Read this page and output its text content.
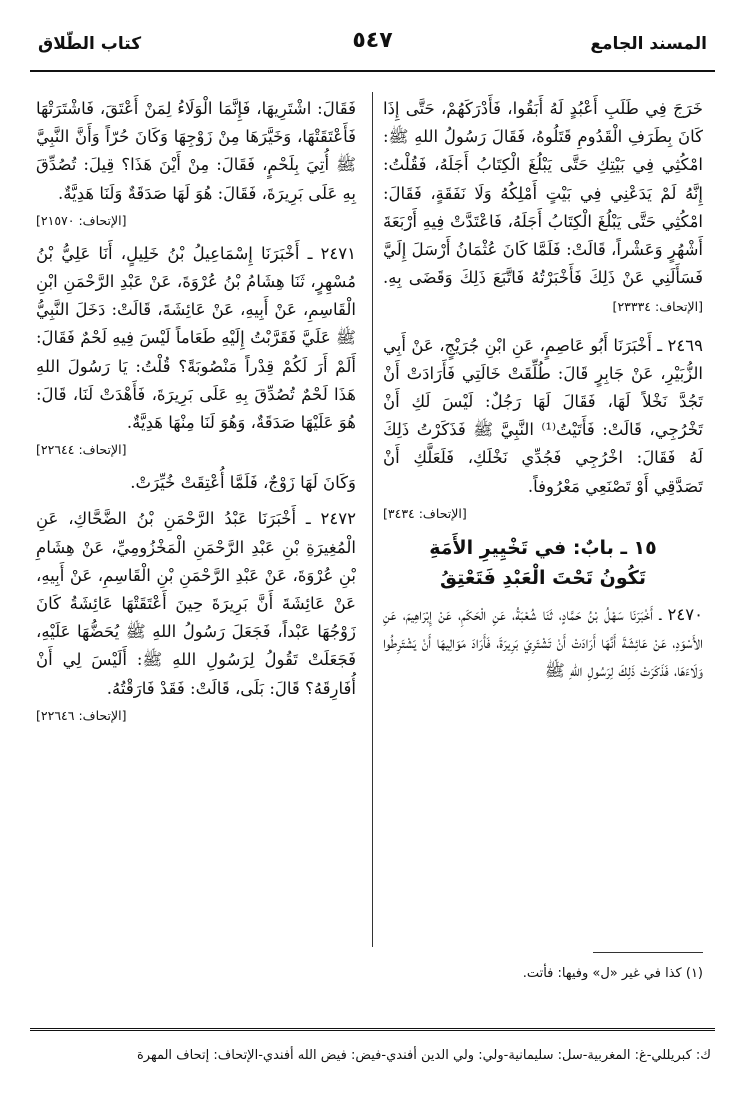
المسند الجامع
٥٤٧
كتاب الطّلاق

خَرَجَ فِي طَلَبِ أَعْبُدٍ لَهُ أَبَقُوا، فَأَدْرَكَهُمْ، حَتَّى إِذَا كَانَ بِطَرَفِ الْقَدُومِ قَتَلُوهُ، فَقَالَ رَسُولُ اللهِ ﷺ: امْكُثِي فِي بَيْتِكِ حَتَّى يَبْلُغَ الْكِتَابُ أَجَلَهُ، فَقُلْتُ: إِنَّهُ لَمْ يَدَعْنِي فِي بَيْتٍ أَمْلِكُهُ وَلَا نَفَقَةٍ، فَقَالَ: امْكُثِي حَتَّى يَبْلُغَ الْكِتَابُ أَجَلَهُ، فَاعْتَدَّتْ فِيهِ أَرْبَعَةَ أَشْهُرٍ وَعَشْراً، قَالَتْ: فَلَمَّا كَانَ عُثْمَانُ أَرْسَلَ إِلَيَّ فَسَأَلَنِي عَنْ ذَلِكَ فَأَخْبَرْتُهُ فَاتَّبَعَ ذَلِكَ وَقَضَى بِهِ. [الإتحاف: ٢٣٣٣٤]

٢٤٦٩ ـ أَخْبَرَنَا أَبُو عَاصِمٍ، عَنِ ابْنِ جُرَيْجٍ، عَنْ أَبِي الزُّبَيْرِ، عَنْ جَابِرٍ قَالَ: طُلِّقَتْ خَالَتِي فَأَرَادَتْ أَنْ تَجُدَّ نَخْلاً لَهَا، فَقَالَ لَهَا رَجُلٌ: لَيْسَ لَكِ أَنْ تَخْرُجِي، قَالَتْ: فَأَتَيْتُ⁽¹⁾ النَّبِيَّ ﷺ فَذَكَرْتُ ذَلِكَ لَهُ فَقَالَ: اخْرُجِي فَجُدِّي نَخْلَكِ، فَلَعَلَّكِ أَنْ تَصَدَّقِي أَوْ تَصْنَعِي مَعْرُوفاً.

[الإتحاف: ٣٤٣٤]
١٥ ـ بابٌ: في تَخْيِيرِ الأَمَةِ
تَكُونُ تَحْتَ الْعَبْدِ فَتَعْتِقُ

٢٤٧٠ ـ أَخْبَرَنَا سَهْلُ بْنُ حَمَّادٍ، ثَنَا شُعْبَةُ، عَنِ الْحَكَمِ، عَنْ إِبْرَاهِيمَ، عَنِ الأَسْوَدِ، عَنْ عَائِشَةَ أَنَّهَا أَرَادَتْ أَنْ تَشْتَرِيَ بَرِيرَةَ، فَأَرَادَ مَوَالِيهَا أَنْ يَشْتَرِطُوا وَلَاءَهَا، فَذَكَرَتْ ذَلِكَ لِرَسُولِ اللهِ ﷺ

فَقَالَ: اشْتَرِيهَا، فَإِنَّمَا الْوَلَاءُ لِمَنْ أَعْتَقَ، فَاشْتَرَتْهَا فَأَعْتَقَتْهَا، وَخَيَّرَهَا مِنْ زَوْجِهَا وَكَانَ حُرّاً وَأَنَّ النَّبِيَّ ﷺ أُتِيَ بِلَحْمٍ، فَقَالَ: مِنْ أَيْنَ هَذَا؟ قِيلَ: تُصُدِّقَ بِهِ عَلَى بَرِيرَةَ، فَقَالَ: هُوَ لَهَا صَدَقَةٌ وَلَنَا هَدِيَّةٌ.

[الإتحاف: ٢١٥٧٠]

٢٤٧١ ـ أَخْبَرَنَا إِسْمَاعِيلُ بْنُ خَلِيلٍ، أَنَا عَلِيُّ بْنُ مُسْهِرٍ، ثَنَا هِشَامُ بْنُ عُرْوَةَ، عَنْ عَبْدِ الرَّحْمَنِ ابْنِ الْقَاسِمِ، عَنْ أَبِيهِ، عَنْ عَائِشَةَ، قَالَتْ: دَخَلَ النَّبِيُّ ﷺ عَلَيَّ فَقَرَّبْتُ إِلَيْهِ طَعَاماً لَيْسَ فِيهِ لَحْمٌ فَقَالَ: أَلَمْ أَرَ لَكُمْ قِدْراً مَنْصُوبَةً؟ قُلْتُ: يَا رَسُولَ اللهِ هَذَا لَحْمٌ تُصُدِّقَ بِهِ عَلَى بَرِيرَةَ، فَأَهْدَتْ لَنَا، قَالَ: هُوَ عَلَيْهَا صَدَقَةٌ، وَهُوَ لَنَا مِنْهَا هَدِيَّةٌ.

[الإتحاف: ٢٢٦٤٤]

وَكَانَ لَهَا زَوْجٌ، فَلَمَّا أُعْتِقَتْ خُيِّرَتْ.

٢٤٧٢ ـ أَخْبَرَنَا عَبْدُ الرَّحْمَنِ بْنُ الضَّحَّاكِ، عَنِ الْمُغِيرَةِ بْنِ عَبْدِ الرَّحْمَنِ الْمَخْزُومِيِّ، عَنْ هِشَامِ بْنِ عُرْوَةَ، عَنْ عَبْدِ الرَّحْمَنِ بْنِ الْقَاسِمِ، عَنْ أَبِيهِ، عَنْ عَائِشَةَ أَنَّ بَرِيرَةَ حِينَ أَعْتَقَتْهَا عَائِشَةُ كَانَ زَوْجُهَا عَبْداً، فَجَعَلَ رَسُولُ اللهِ ﷺ يُحَضُّهَا عَلَيْهِ، فَجَعَلَتْ تَقُولُ لِرَسُولِ اللهِ ﷺ: أَلَيْسَ لِي أَنْ أُفَارِقَهُ؟ قَالَ: بَلَى، قَالَتْ: فَقَدْ فَارَقْتُهُ.

[الإتحاف: ٢٢٦٤٦]
(١) كذا في غير «ل» وفيها: فأتت.
ك: كبريللي-غ: المغربية-سل: سليمانية-ولي: ولي الدين أفندي-فيض: فيض الله أفندي-الإتحاف: إتحاف المهرة
